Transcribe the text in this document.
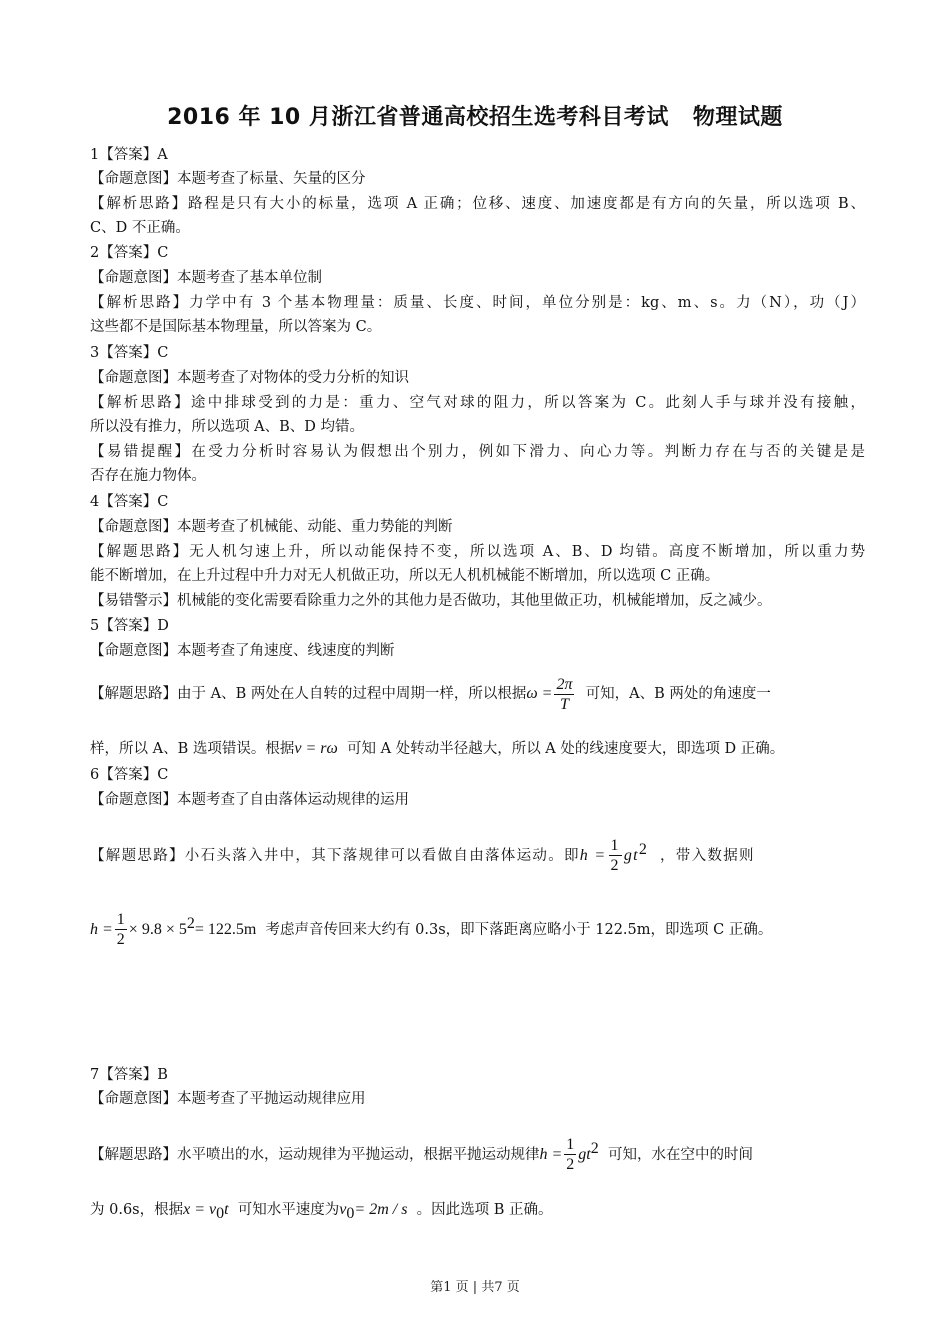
2016 年 10 月浙江省普通高校招生选考科目考试 物理试题

1【答案】A

【命题意图】本题考查了标量、矢量的区分

【解析思路】路程是只有大小的标量，选项 A 正确；位移、速度、加速度都是有方向的矢量，所以选项 B、

C、D 不正确。

2【答案】C

【命题意图】本题考查了基本单位制

【解析思路】力学中有 3 个基本物理量：质量、长度、时间，单位分别是：kg、m、s。力（N），功（J）

这些都不是国际基本物理量，所以答案为 C。

3【答案】C

【命题意图】本题考查了对物体的受力分析的知识

【解析思路】途中排球受到的力是：重力、空气对球的阻力，所以答案为 C。此刻人手与球并没有接触，

所以没有推力，所以选项 A、B、D 均错。

【易错提醒】在受力分析时容易认为假想出个别力，例如下滑力、向心力等。判断力存在与否的关键是是

否存在施力物体。

4【答案】C

【命题意图】本题考查了机械能、动能、重力势能的判断

【解题思路】无人机匀速上升，所以动能保持不变，所以选项 A、B、D 均错。高度不断增加，所以重力势

能不断增加，在上升过程中升力对无人机做正功，所以无人机机械能不断增加，所以选项 C 正确。

【易错警示】机械能的变化需要看除重力之外的其他力是否做功，其他里做正功，机械能增加，反之减少。

5【答案】D

【命题意图】本题考查了角速度、线速度的判断

【解题思路】由于 A、B 两处在人自转的过程中周期一样，所以根据$\omega = \frac{2\pi}{T}$ 可知，A、B 两处的角速度一

样，所以 A、B 选项错误。根据v = rω 可知 A 处转动半径越大，所以 A 处的线速度要大，即选项 D 正确。

6【答案】C

【命题意图】本题考查了自由落体运动规律的运用

【解题思路】小石头落入井中，其下落规律可以看做自由落体运动。即$h = \frac{1}{2} gt^2$ ，带入数据则

$h = \frac{1}{2} \times 9.8 \times 5^2= 122.5m$ 考虑声音传回来大约有 0.3s，即下落距离应略小于 122.5m，即选项 C 正确。

7【答案】B

【命题意图】本题考查了平抛运动规律应用

【解题思路】水平喷出的水，运动规律为平抛运动，根据平抛运动规律$h = \frac{1}{2} gt^2$ 可知，水在空中的时间

为 0.6s，根据$x = v_0t$ 可知水平速度为$v_0= 2m / s$ 。因此选项 B 正确。

第1 页 | 共7 页
